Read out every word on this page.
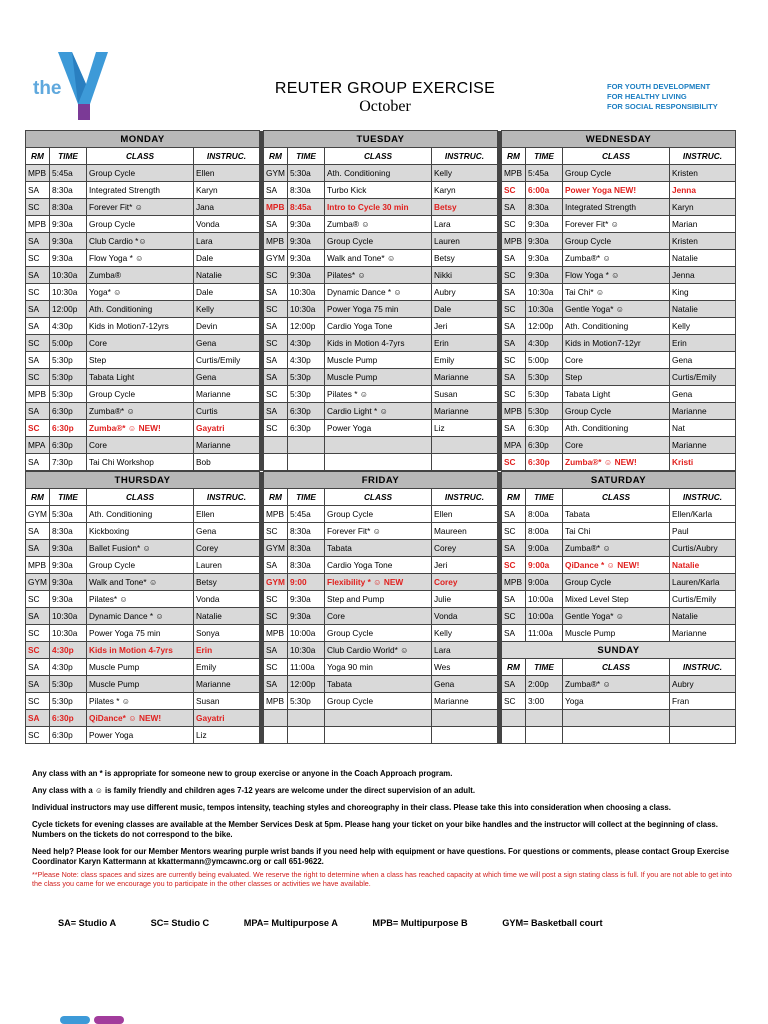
the	REUTER GROUP EXERCISE
October
FOR YOUTH DEVELOPMENT
FOR HEALTHY LIVING
FOR SOCIAL RESPONSIBILITY
MONDAY					TUESDAY					WEDNESDAY			
RM	TIME	CLASS	INSTRUC.		RM	TIME	CLASS	INSTRUC.		RM	TIME	CLASS	INSTRUC.
MPB	5:45a	Group Cycle	Ellen		GYM	5:30a	Ath. Conditioning	Kelly		MPB	5:45a	Group Cycle	Kristen
SA	8:30a	Integrated Strength	Karyn		SA	8:30a	Turbo Kick	Karyn		SC	6:00a	Power Yoga NEW!	Jenna
SC	8:30a	Forever Fit* ☺	Jana		MPB	8:45a	Intro to Cycle 30 min	Betsy		SA	8:30a	Integrated Strength	Karyn
MPB	9:30a	Group Cycle	Vonda		SA	9:30a	Zumba® ☺	Lara		SC	9:30a	Forever Fit* ☺	Marian
SA	9:30a	Club Cardio *☺	Lara		MPB	9:30a	Group Cycle	Lauren		MPB	9:30a	Group Cycle	Kristen
SC	9:30a	Flow Yoga * ☺	Dale		GYM	9:30a	Walk and Tone* ☺	Betsy		SA	9:30a	Zumba®* ☺	Natalie
SA	10:30a	Zumba®	Natalie		SC	9:30a	Pilates* ☺	Nikki		SC	9:30a	Flow Yoga * ☺	Jenna
SC	10:30a	Yoga* ☺	Dale		SA	10:30a	Dynamic Dance * ☺	Aubry		SA	10:30a	Tai Chi* ☺	King
SA	12:00p	Ath. Conditioning	Kelly		SC	10:30a	Power Yoga 75 min	Dale		SC	10:30a	Gentle Yoga* ☺	Natalie
SA	4:30p	Kids in Motion7-12yrs	Devin		SA	12:00p	Cardio Yoga Tone	Jeri		SA	12:00p	Ath. Conditioning	Kelly
SC	5:00p	Core	Gena		SC	4:30p	Kids in Motion 4-7yrs	Erin		SA	4:30p	Kids in Motion7-12yr	Erin
SA	5:30p	Step	Curtis/Emily		SA	4:30p	Muscle Pump	Emily		SC	5:00p	Core	Gena
SC	5:30p	Tabata Light	Gena		SA	5:30p	Muscle Pump	Marianne		SA	5:30p	Step	Curtis/Emily
MPB	5:30p	Group Cycle	Marianne		SC	5:30p	Pilates * ☺	Susan		SC	5:30p	Tabata Light	Gena
SA	6:30p	Zumba®* ☺	Curtis		SA	6:30p	Cardio Light * ☺	Marianne		MPB	5:30p	Group Cycle	Marianne
SC	6:30p	Zumba®* ☺ NEW!	Gayatri		SC	6:30p	Power Yoga	Liz		SA	6:30p	Ath. Conditioning	Nat
MPA	6:30p	Core	Marianne							MPA	6:30p	Core	Marianne
SA	7:30p	Tai Chi Workshop	Bob							SC	6:30p	Zumba®* ☺ NEW!	Kristi
THURSDAY					FRIDAY					SATURDAY			
RM	TIME	CLASS	INSTRUC.		RM	TIME	CLASS	INSTRUC.		RM	TIME	CLASS	INSTRUC.
GYM	5:30a	Ath. Conditioning	Ellen		MPB	5:45a	Group Cycle	Ellen		SA	8:00a	Tabata	Ellen/Karla
SA	8:30a	Kickboxing	Gena		SC	8:30a	Forever Fit* ☺	Maureen		SC	8:00a	Tai Chi	Paul
SA	9:30a	Ballet Fusion* ☺	Corey		GYM	8:30a	Tabata	Corey		SA	9:00a	Zumba®* ☺	Curtis/Aubry
MPB	9:30a	Group Cycle	Lauren		SA	8:30a	Cardio Yoga Tone	Jeri		SC	9:00a	QiDance * ☺ NEW!	Natalie
GYM	9:30a	Walk and Tone* ☺	Betsy		GYM	9:00	Flexibility * ☺ NEW	Corey		MPB	9:00a	Group Cycle	Lauren/Karla
SC	9:30a	Pilates* ☺	Vonda		SC	9:30a	Step and Pump	Julie		SA	10:00a	Mixed Level Step	Curtis/Emily
SA	10:30a	Dynamic Dance * ☺	Natalie		SC	9:30a	Core	Vonda		SC	10:00a	Gentle Yoga* ☺	Natalie
SC	10:30a	Power Yoga 75 min	Sonya		MPB	10:00a	Group Cycle	Kelly		SA	11:00a	Muscle Pump	Marianne
SC	4:30p	Kids in Motion 4-7yrs	Erin		SA	10:30a	Club Cardio World* ☺	Lara		SUNDAY			
SA	4:30p	Muscle Pump	Emily		SC	11:00a	Yoga 90 min	Wes		RM	TIME	CLASS	INSTRUC.
SA	5:30p	Muscle Pump	Marianne		SA	12:00p	Tabata	Gena		SA	2:00p	Zumba®* ☺	Aubry
SC	5:30p	Pilates * ☺	Susan		MPB	5:30p	Group Cycle	Marianne		SC	3:00	Yoga	Fran
SA	6:30p	QiDance* ☺ NEW!	Gayatri										
SC	6:30p	Power Yoga	Liz										

Any class with an * is appropriate for someone new to group exercise or anyone in the Coach Approach program.

Any class with a ☺ is family friendly and children ages 7-12 years are welcome under the direct supervision of an adult.

Individual instructors may use different music, tempos intensity, teaching styles and choreography in their class. Please take this into consideration when choosing a class.

Cycle tickets for evening classes are available at the Member Services Desk at 5pm. Please hang your ticket on your bike handles and the instructor will collect at the beginning of class. Numbers on the tickets do not correspond to the bike.

Need help? Please look for our Member Mentors wearing purple wrist bands if you need help with equipment or have questions. For questions or comments, please contact Group Exercise Coordinator Karyn Kattermann at kkattermann@ymcawnc.org or call 651-9622.

**Please Note: class spaces and sizes are currently being evaluated. We reserve the right to determine when a class has reached capacity at which time we will post a sign stating class is full. If you are not able to get into the class you came for we encourage you to participate in the other classes or activities we have available.

SA= Studio A	SC= Studio C	MPA= Multipurpose A	MPB= Multipurpose B	GYM= Basketball court
